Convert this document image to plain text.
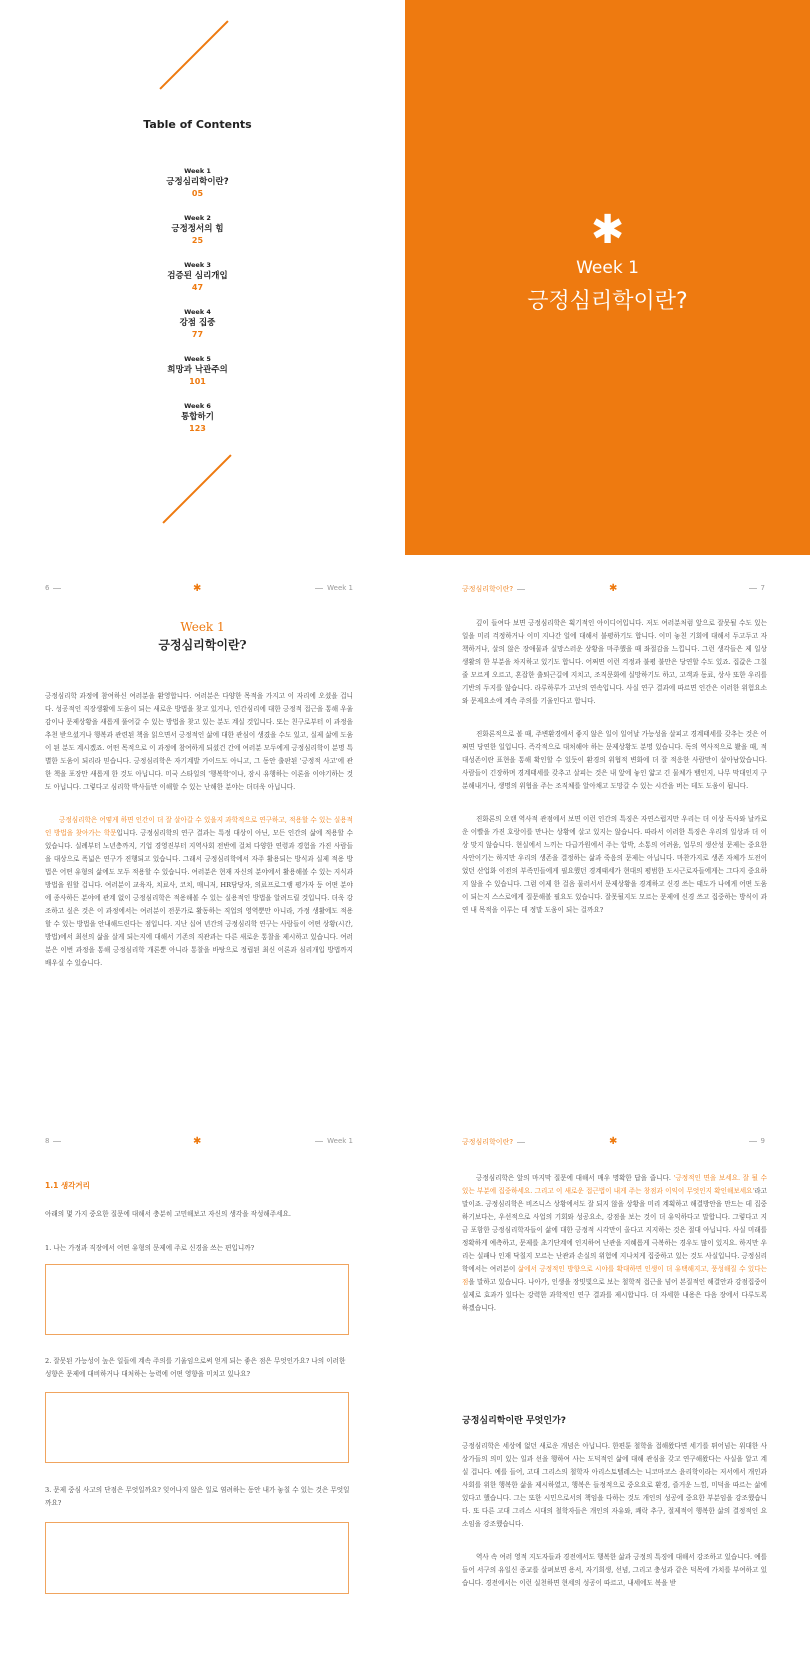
Table of Contents
Week 1
긍정심리학이란?
05
Week 2
긍정정서의 힘
25
Week 3
검증된 심리개입
47
Week 4
강점 집중
77
Week 5
희망과 낙관주의
101
Week 6
통합하기
123
✱
Week 1
긍정심리학이란?
6	✱	Week 1
Week 1
긍정심리학이란?

긍정심리학 과정에 참여하신 여러분을 환영합니다. 여러분은 다양한 목적을 가지고 이 자리에 오셨을 겁니다. 성공적인 직장생활에 도움이 되는 새로운 방법을 찾고 있거나, 인간심리에 대한 긍정적 접근을 통해 우울감이나 문제상황을 새롭게 풀어갈 수 있는 방법을 찾고 있는 분도 계실 것입니다. 또는 친구로부터 이 과정을 추천 받으셨거나 행복과 관련된 책을 읽으면서 긍정적인 삶에 대한 관심이 생겼을 수도 있고, 실제 삶에 도움이 된 분도 계시겠죠. 어떤 목적으로 이 과정에 참여하게 되셨건 간에 여러분 모두에게 긍정심리학이 분명 특별한 도움이 되리라 믿습니다. 긍정심리학은 자기계발 가이드도 아니고, 그 동안 출판된 '긍정적 사고'에 관한 책을 포장만 새롭게 한 것도 아닙니다. 미국 스타일의 '행복학'이나, 잠시 유행하는 이론을 이야기하는 것도 아닙니다. 그렇다고 심리학 박사들만 이해할 수 있는 난해한 분야는 더더욱 아닙니다.

긍정심리학은 어떻게 하면 인간이 더 잘 살아갈 수 있을지 과학적으로 연구하고, 적용할 수 있는 실용적인 방법을 찾아가는 학문입니다. 긍정심리학의 연구 결과는 특정 대상이 아닌, 모든 인간의 삶에 적용할 수 있습니다. 실례부터 노년층까지, 기업 경영진부터 지역사회 전반에 걸쳐 다양한 연령과 경험을 가진 사람들을 대상으로 폭넓은 연구가 진행되고 있습니다. 그래서 긍정심리학에서 자주 활용되는 방식과 실제 적용 방법은 어떤 유형의 삶에도 모두 적용할 수 있습니다. 여러분은 현재 자신의 분야에서 활용해볼 수 있는 지식과 방법을 원할 겁니다. 여러분이 교육자, 치료사, 코치, 매니저, HR담당자, 의료프로그램 평가자 등 어떤 분야에 종사하든 분야에 관계 없이 긍정심리학은 적용해볼 수 있는 실용적인 방법을 알려드릴 것입니다. 더욱 강조하고 싶은 것은 이 과정에서는 여러분이 전문가로 활동하는 직업의 영역뿐만 아니라, 가정 생활에도 적용할 수 있는 방법을 안내해드린다는 점입니다. 지난 십여 년간의 긍정심리학 연구는 사람들이 어떤 상황(시간, 방법)에서 최선의 삶을 살게 되는지에 대해서 기존의 직관과는 다른 새로운 통찰을 제시하고 있습니다. 여러분은 이번 과정을 통해 긍정심리학 개론뿐 아니라 통찰을 바탕으로 정립된 최신 이론과 심리개입 방법까지 배우실 수 있습니다.

긍정심리학이란?	✱	7

깊이 들여다 보면 긍정심리학은 획기적인 아이디어입니다. 저도 여러분처럼 앞으로 잘못될 수도 있는 일을 미리 걱정하거나 이미 지나간 일에 대해서 불평하기도 합니다. 이미 놓친 기회에 대해서 두고두고 자책하거나, 살의 않은 장애물과 실망스러운 상황을 마주했을 때 좌절감을 느낍니다. 그런 생각들은 제 일상생활의 한 부분을 차지하고 있기도 합니다. 어쩌면 이런 걱정과 불평 불만은 당연할 수도 있죠. 집값은 그칠 줄 모르게 오르고, 혼잡한 출퇴근길에 지치고, 조직문화에 실망하기도 하고, 고객과 동료, 상사 또한 우리를 기반의 두지를 않습니다. 라루하루가 고난의 연속입니다. 사실 연구 결과에 따르면 인간은 이러한 위험요소와 문제요소에 계속 주의를 기울인다고 합니다.

진화론적으로 볼 때, 주변환경에서 좋지 않은 일이 일어날 가능성을 살피고 경계태세를 갖추는 것은 어쩌면 당연한 일입니다. 즉각적으로 대처해야 하는 문제상황도 분명 있습니다. 독의 역사적으로 봤을 때, 적대성존이란 표현을 통해 확인할 수 있듯이 환경의 위협적 변화에 더 잘 적응한 사람만이 살아남았습니다. 사람들이 긴장하며 경계태세를 갖추고 살피는 것은 내 앞에 놓인 얇고 긴 물체가 뱀인지, 나무 막대인지 구분해내거나, 생명의 위협을 주는 조직체를 알아채고 도망갈 수 있는 시간을 버는 데도 도움이 됩니다.

진화론의 오랜 역사적 관점에서 보면 이런 인간의 특징은 자연스럽지만 우리는 더 이상 독사와 날카로운 이빨을 가진 호랑이를 만나는 상황에 살고 있지는 않습니다. 따라서 이러한 특징은 우리의 일상과 더 이상 맞지 않습니다. 현실에서 느끼는 다급가원에서 주는 압박, 소통의 어려움, 업무의 생산성 문제는 중요한 사안이기는 하지만 우리의 생존을 결정하는 삶과 죽음의 문제는 아닙니다. 마찬가지로 생존 자체가 도전이었던 산업화 이전의 부족민들에게 필요했던 경계태세가 현대의 평범한 도시근로자들에게는 그다지 중요하지 않을 수 있습니다. 그럼 이제 한 걸음 물러서서 문제상황을 경계하고 신경 쓰는 태도가 나에게 어떤 도움이 되는지 스스로에게 질문해볼 필요도 있습니다. 잘못될지도 모르는 문제에 신경 쓰고 집중하는 방식이 과연 내 목적을 이루는 데 정말 도움이 되는 걸까요?

8	✱	Week 1
1.1 생각거리
아래의 몇 가지 중요한 질문에 대해서 충분히 고민해보고 자신의 생각을 작성해주세요.
1. 나는 가정과 직장에서 어떤 유형의 문제에 주로 신경을 쓰는 편입니까?
2. 잘못된 가능성이 높은 일들에 계속 주의를 기울임으로써 얻게 되는 좋은 점은 무엇인가요? 나의 이러한 성향은 문제에 대비하거나 대처하는 능력에 어떤 영향을 미치고 있나요?
3. 문제 중심 사고의 단점은 무엇일까요? 잊어나지 않은 일로 염려하는 동안 내가 놓칠 수 있는 것은 무엇일까요?
긍정심리학이란?	✱	9

긍정심리학은 앞의 마지막 질문에 대해서 매우 명확한 답을 줍니다. '긍정적인 면을 보세요. 잘 될 수 있는 부분에 집중하세요. 그리고 이 새로운 접근법이 내게 주는 창점과 이익이 무엇인지 확인해보세요'라고 말이죠. 긍정심리학은 비즈니스 상황에서도 잘 되지 않을 상황을 미리 계획하고 해결방안을 만드는 데 집중하기보다는, 우선적으로 사업의 기회와 성공요소, 강점을 보는 것이 더 유익하다고 말합니다. 그렇다고 지금 포함한 긍정심리학자들이 삶에 대한 긍정적 시각만이 올다고 지지하는 것은 절대 아닙니다. 사실 미래를 정확하게 예측하고, 문제를 초기단계에 인지하여 난관을 지혜롭게 극복하는 경우도 많이 있지요. 하지만 우리는 실패나 인재 닥칠지 모르는 난관과 손실의 위험에 지나치게 집중하고 있는 것도 사실입니다. 긍정심리학에서는 여러분이 삶에서 긍정적인 방향으로 시야를 확대하면 인생이 더 유택해지고, 풍성해질 수 있다는 점을 말하고 있습니다. 나아가, 인생을 장밋빛으로 보는 철학적 접근을 넘어 본질적인 해결안과 강점집중이 실제로 효과가 있다는 강력한 과학적인 연구 결과를 제시합니다. 더 자세한 내용은 다음 장에서 다루도록 하겠습니다.

긍정심리학이란 무엇인가?

긍정심리학은 세상에 없던 새로운 개념은 아닙니다. 한편툰 철학을 접해왔다면 세기를 뛰어넘는 위대한 사상가들의 의미 있는 일과 선을 행하여 사는 도덕적인 삶에 대해 관심을 갖고 연구해왔다는 사실을 알고 계실 겁니다. 예를 들어, 고대 그리스의 철학자 아리스토텔레스는 니코마코스 윤리학이라는 저서에서 개인과 사회를 위한 행복한 삶을 제시하였고, 행복은 들정적으로 중요요로 환경, 즐거운 느낌, 미덕을 따르는 삶에 있다고 했습니다. 그는 또한 시민으로서의 책임을 다하는 것도 개인의 성공에 중요한 부분임을 강조했습니다. 또 다른 고대 그리스 시대의 철학자들은 개인의 자유와, 쾌락 추구, 절제적이 행복한 삶의 결정적인 요소임을 강조했습니다.

역사 속 여러 영적 지도자들과 경전에서도 행복한 삶과 긍정의 특징에 대해서 강조하고 있습니다. 예를 들어 서구의 유일신 종교를 살펴보면 용서, 자기희생, 선념, 그리고 충성과 같은 덕목에 가치를 부여하고 있습니다. 경전에서는 이런 실천하면 현세의 성공이 따르고, 내세에도 복을 받
